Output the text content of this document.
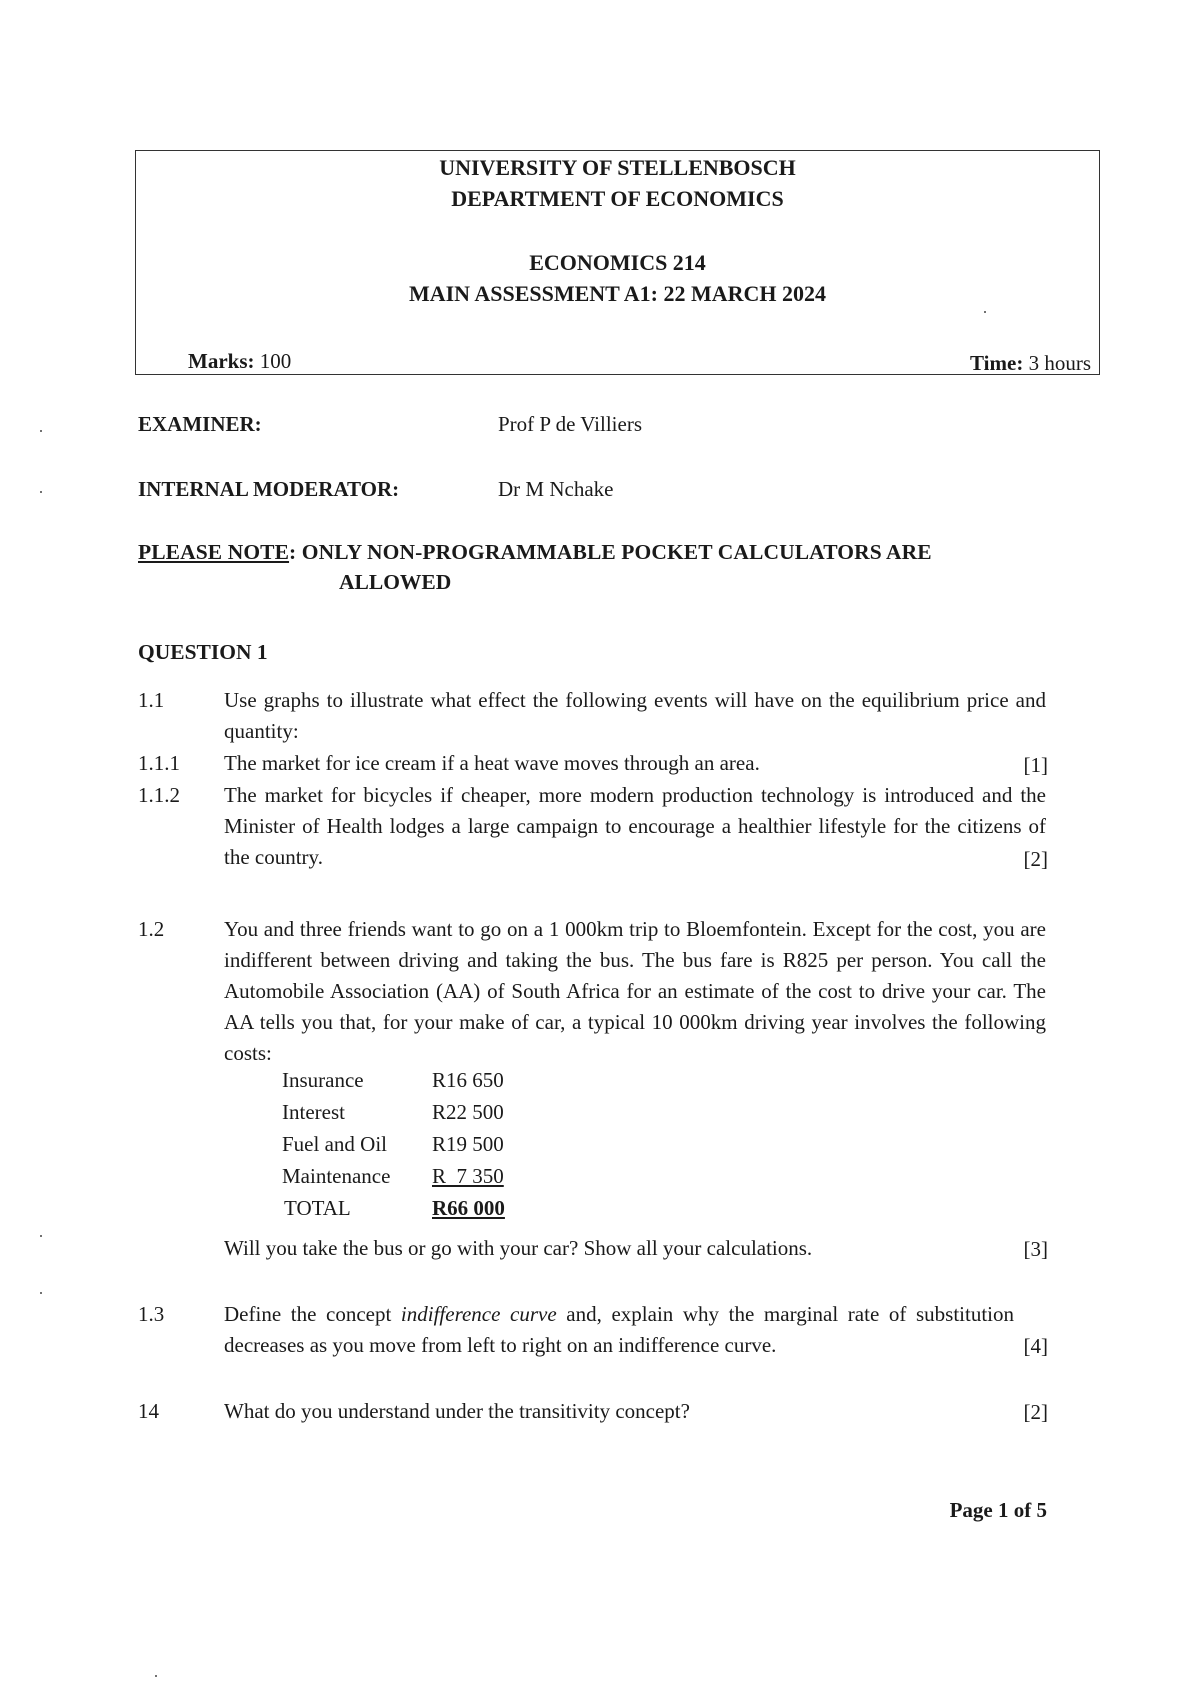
UNIVERSITY OF STELLENBOSCH
DEPARTMENT OF ECONOMICS
ECONOMICS 214
MAIN ASSESSMENT A1: 22 MARCH 2024
Marks: 100	Time: 3 hours
EXAMINER:	Prof P de Villiers
INTERNAL MODERATOR:	Dr M Nchake
PLEASE NOTE: ONLY NON-PROGRAMMABLE POCKET CALCULATORS ARE
ALLOWED
QUESTION 1
1.1	Use graphs to illustrate what effect the following events will have on the equilibrium price and quantity:
1.1.1 The market for ice cream if a heat wave moves through an area.	[1]
1.1.2 The market for bicycles if cheaper, more modern production technology is introduced and the Minister of Health lodges a large campaign to encourage a healthier lifestyle for the citizens of the country.	[2]
1.2	You and three friends want to go on a 1 000km trip to Bloemfontein. Except for the cost, you are indifferent between driving and taking the bus. The bus fare is R825 per person. You call the Automobile Association (AA) of South Africa for an estimate of the cost to drive your car. The AA tells you that, for your make of car, a typical 10 000km driving year involves the following costs:
Insurance	R16 650
Interest	R22 500
Fuel and Oil	R19 500
Maintenance	R  7 350
TOTAL	R66 000
Will you take the bus or go with your car? Show all your calculations.	[3]
1.3	Define the concept indifference curve and, explain why the marginal rate of substitution decreases as you move from left to right on an indifference curve.	[4]
14	What do you understand under the transitivity concept?	[2]
Page 1 of 5
